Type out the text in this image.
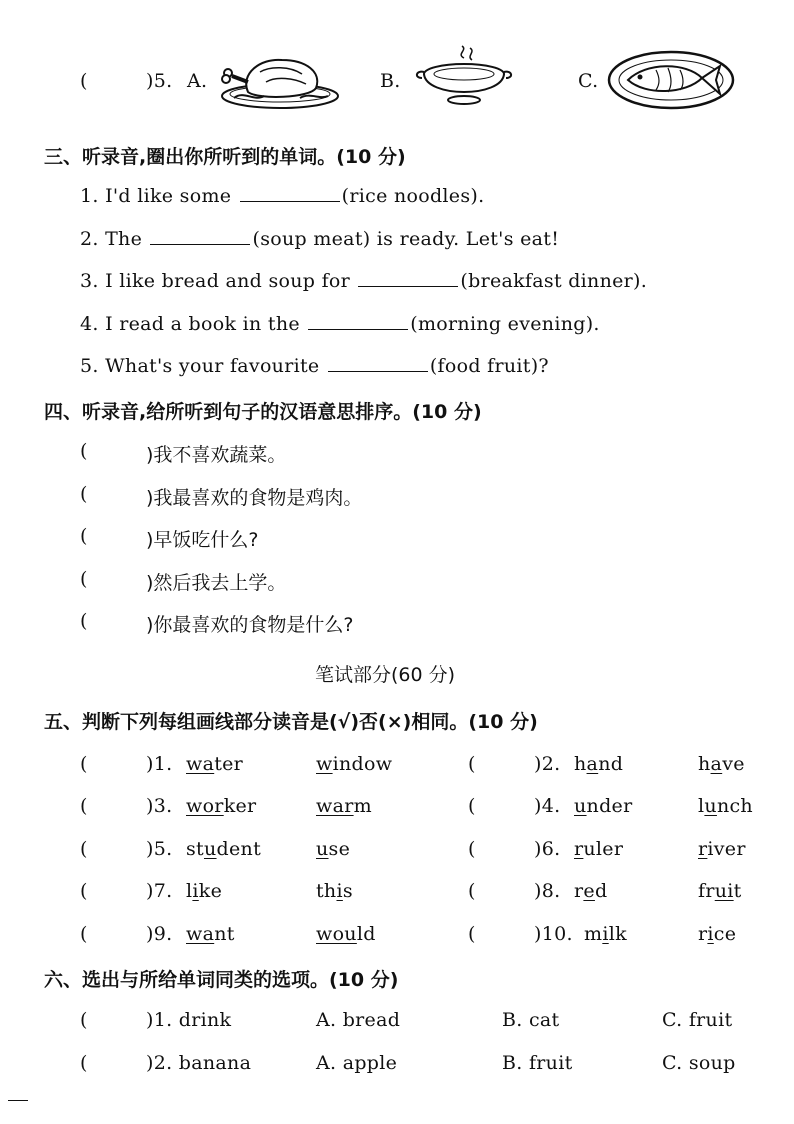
(	)5. A.	B.	C.
三、听录音,圈出你所听到的单词。(10 分)
1. I'd like some	(rice noodles).
2. The	(soup meat) is ready. Let's eat!
3. I like bread and soup for	(breakfast dinner).
4. I read a book in the	(morning evening).
5. What's your favourite	(food fruit)?
四、听录音,给所听到句子的汉语意思排序。(10 分)
(	)我不喜欢蔬菜。
(	)我最喜欢的食物是鸡肉。
(	)早饭吃什么?
(	)然后我去上学。
(	)你最喜欢的食物是什么?
笔试部分(60 分)
五、判断下列每组画线部分读音是(√)否(×)相同。(10 分)
(	)1. water	window	(	)2. hand	have
(	)3. worker	warm	(	)4. under	lunch
(	)5. student	use	(	)6. ruler	river
(	)7. like	this	(	)8. red	fruit
(	)9. want	would	(	)10. milk	rice
六、选出与所给单词同类的选项。(10 分)
(	)1. drink	A. bread	B. cat	C. fruit
(	)2. banana	A. apple	B. fruit	C. soup
